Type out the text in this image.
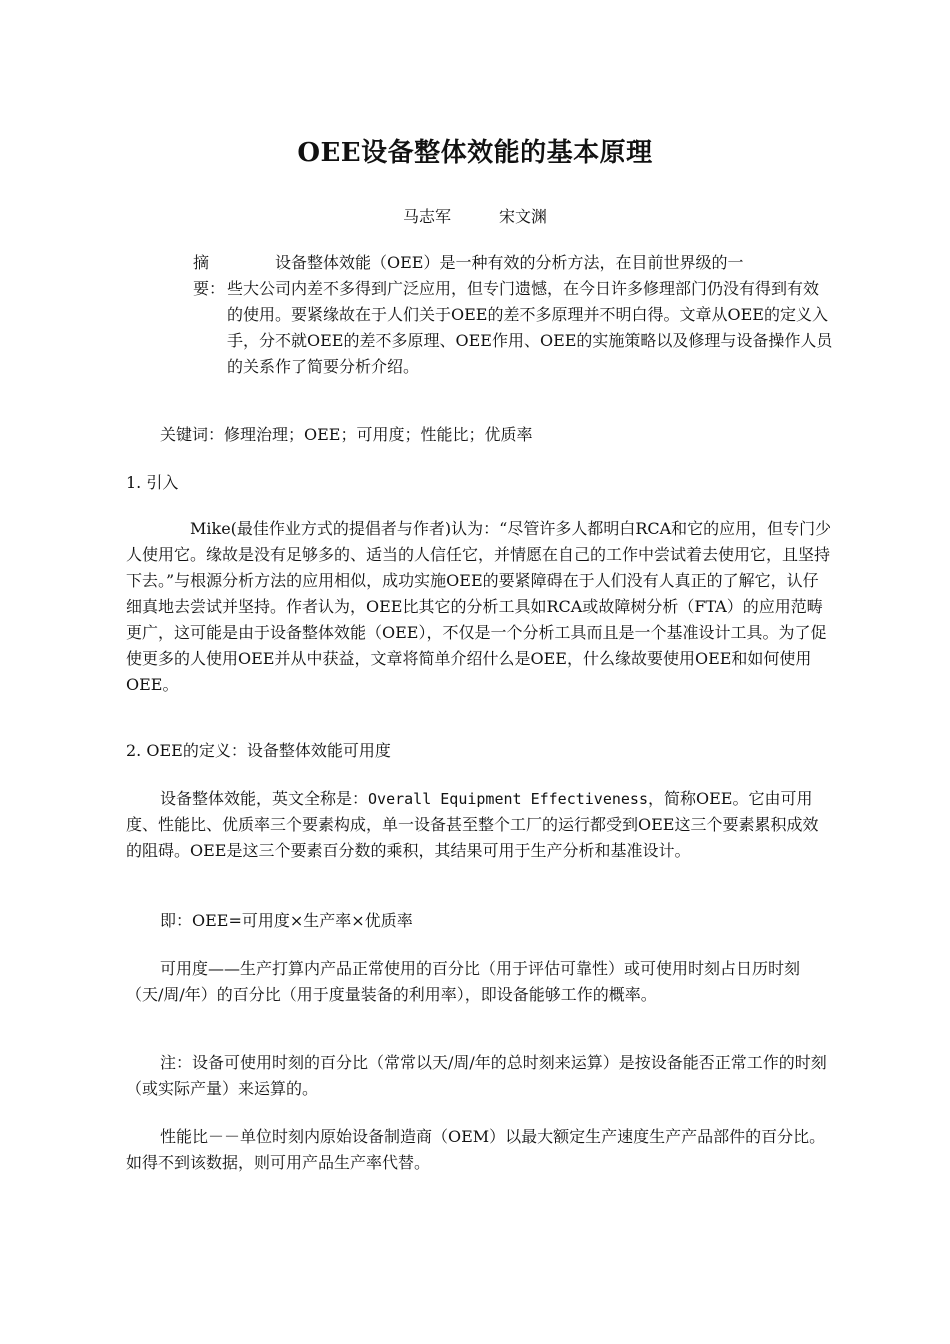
OEE设备整体效能的基本原理
马志军	宋文渊
摘　要：
设备整体效能（OEE）是一种有效的分析方法，在目前世界级的一
些大公司内差不多得到广泛应用，但专门遗憾，在今日许多修理部门仍没有得到有效的使用。要紧缘故在于人们关于OEE的差不多原理并不明白得。文章从OEE的定义入手，分不就OEE的差不多原理、OEE作用、OEE的实施策略以及修理与设备操作人员的关系作了简要分析介绍。
关键词：修理治理；OEE；可用度；性能比；优质率
1. 引入
Mike(最佳作业方式的提倡者与作者)认为：“尽管许多人都明白RCA和它的应用，但专门少人使用它。缘故是没有足够多的、适当的人信任它，并情愿在自己的工作中尝试着去使用它，且坚持下去。”与根源分析方法的应用相似，成功实施OEE的要紧障碍在于人们没有人真正的了解它，认仔细真地去尝试并坚持。作者认为，OEE比其它的分析工具如RCA或故障树分析（FTA）的应用范畴更广，这可能是由于设备整体效能（OEE），不仅是一个分析工具而且是一个基准设计工具。为了促使更多的人使用OEE并从中获益，文章将简单介绍什么是OEE，什么缘故要使用OEE和如何使用OEE。
2. OEE的定义：设备整体效能可用度
设备整体效能，英文全称是：Overall Equipment Effectiveness，简称OEE。它由可用度、性能比、优质率三个要素构成，单一设备甚至整个工厂的运行都受到OEE这三个要素累积成效的阻碍。OEE是这三个要素百分数的乘积，其结果可用于生产分析和基准设计。
即：OEE=可用度×生产率×优质率
可用度——生产打算内产品正常使用的百分比（用于评估可靠性）或可使用时刻占日历时刻（天/周/年）的百分比（用于度量装备的利用率），即设备能够工作的概率。
注：设备可使用时刻的百分比（常常以天/周/年的总时刻来运算）是按设备能否正常工作的时刻（或实际产量）来运算的。
性能比－－单位时刻内原始设备制造商（OEM）以最大额定生产速度生产产品部件的百分比。如得不到该数据，则可用产品生产率代替。
